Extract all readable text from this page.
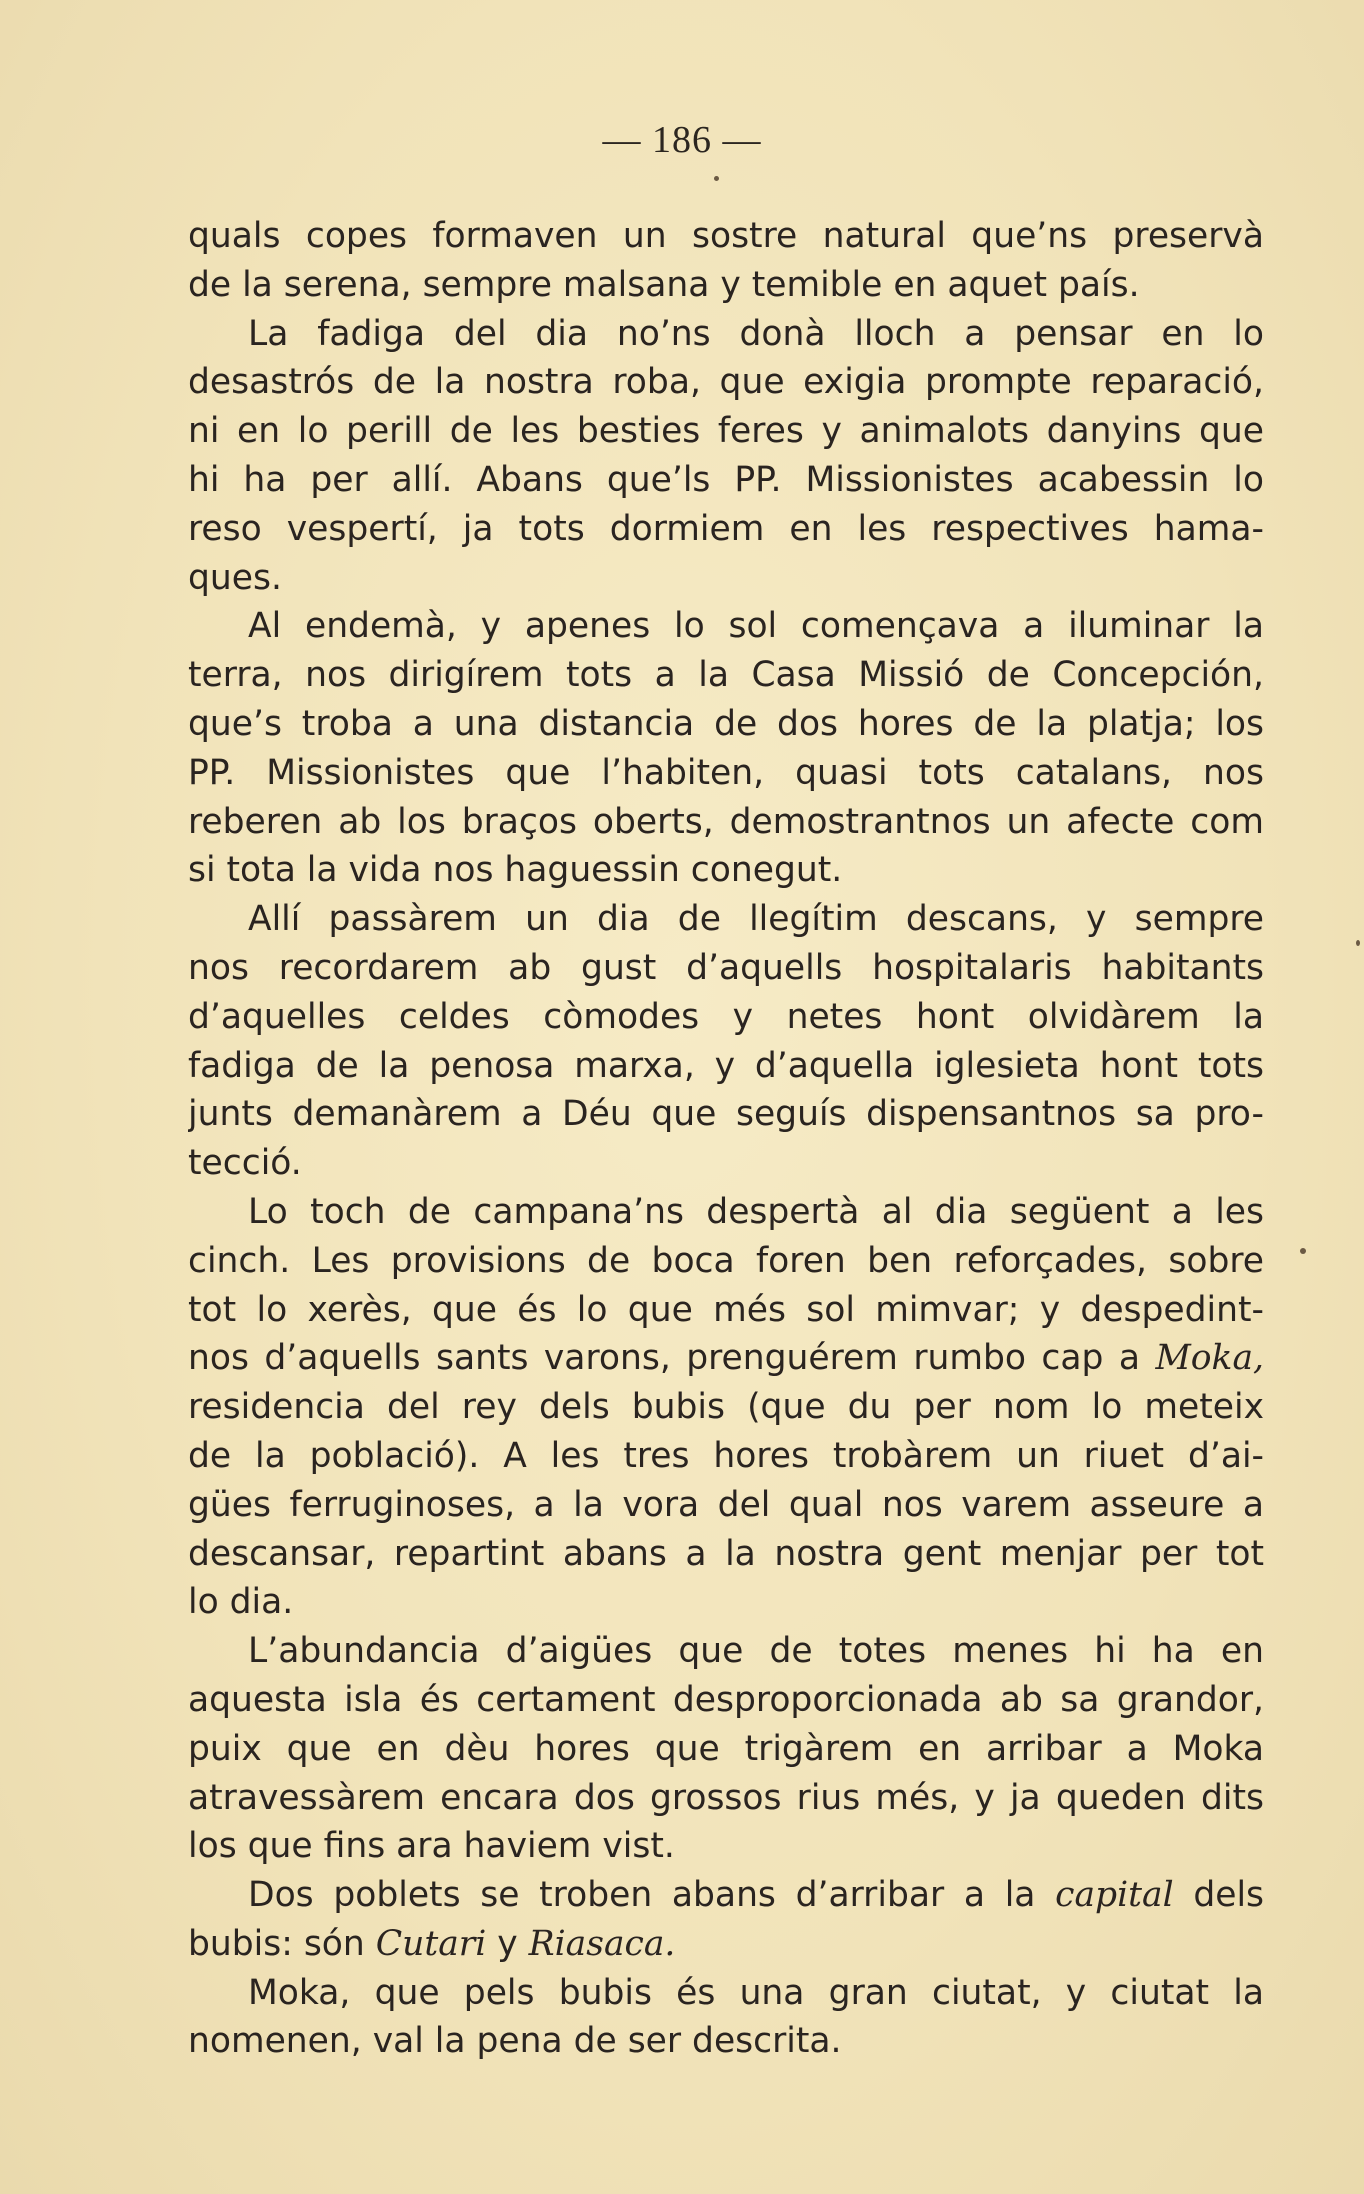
— 186 —
quals copes formaven un sostre natural que’ns preservà
de la serena, sempre malsana y temible en aquet país.
La fadiga del dia no’ns donà lloch a pensar en lo
desastrós de la nostra roba, que exigia prompte reparació,
ni en lo perill de les besties feres y animalots danyins que
hi ha per allí. Abans que’ls PP. Missionistes acabessin lo
reso vespertí, ja tots dormiem en les respectives hama-
ques.
Al endemà, y apenes lo sol començava a iluminar la
terra, nos dirigírem tots a la Casa Missió de Concepción,
que’s troba a una distancia de dos hores de la platja; los
PP. Missionistes que l’habiten, quasi tots catalans, nos
reberen ab los braços oberts, demostrantnos un afecte com
si tota la vida nos haguessin conegut.
Allí passàrem un dia de llegítim descans, y sempre
nos recordarem ab gust d’aquells hospitalaris habitants
d’aquelles celdes còmodes y netes hont olvidàrem la
fadiga de la penosa marxa, y d’aquella iglesieta hont tots
junts demanàrem a Déu que seguís dispensantnos sa pro-
tecció.
Lo toch de campana’ns despertà al dia següent a les
cinch. Les provisions de boca foren ben reforçades, sobre
tot lo xerès, que és lo que més sol mimvar; y despedint-
nos d’aquells sants varons, prenguérem rumbo cap a Moka,
residencia del rey dels bubis (que du per nom lo meteix
de la població). A les tres hores trobàrem un riuet d’ai-
gües ferruginoses, a la vora del qual nos varem asseure a
descansar, repartint abans a la nostra gent menjar per tot
lo dia.
L’abundancia d’aigües que de totes menes hi ha en
aquesta isla és certament desproporcionada ab sa grandor,
puix que en dèu hores que trigàrem en arribar a Moka
atravessàrem encara dos grossos rius més, y ja queden dits
los que fins ara haviem vist.
Dos poblets se troben abans d’arribar a la capital dels
bubis: són Cutari y Riasaca.
Moka, que pels bubis és una gran ciutat, y ciutat la
nomenen, val la pena de ser descrita.
